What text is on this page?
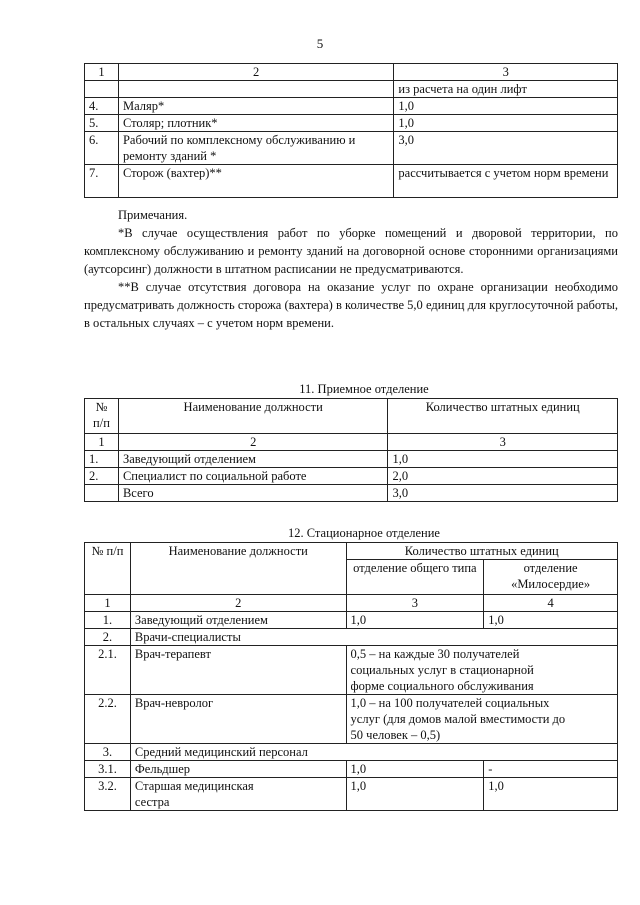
5
1	2	3
		из расчета на один лифт
4.	Маляр*	1,0
5.	Столяр; плотник*	1,0
6.	Рабочий по комплексному обслуживанию и ремонту зданий *	3,0
7.	Сторож (вахтер)**	рассчитывается с учетом норм времени
Примечания.

*В случае осуществления работ по уборке помещений и дворовой территории, по комплексному обслуживанию и ремонту зданий на договорной основе сторонними организациями (аутсорсинг) должности в штатном расписании не предусматриваются.

**В случае отсутствия договора на оказание услуг по охране организации необходимо предусматривать должность сторожа (вахтера) в количестве 5,0 единиц для круглосуточной работы, в остальных случаях – с учетом норм времени.

11. Приемное отделение
№ п/п	Наименование должности	Количество штатных единиц
1	2	3
1.	Заведующий отделением	1,0
2.	Специалист по социальной работе	2,0
	Всего	3,0
12. Стационарное отделение
№ п/п	Наименование должности	Количество штатных единиц	
		отделение общего типа	отделение «Милосердие»
1	2	3	4
1.	Заведующий отделением	1,0	1,0
2.	Врачи-специалисты		
2.1.	Врач-терапевт	0,5 – на каждые 30 получателей социальных услуг в стационарной форме социального обслуживания	
2.2.	Врач-невролог	1,0 – на 100 получателей социальных услуг (для домов малой вместимости до 50 человек – 0,5)	
3.	Средний медицинский персонал		
3.1.	Фельдшер	1,0	-
3.2.	Старшая медицинская сестра	1,0	1,0
